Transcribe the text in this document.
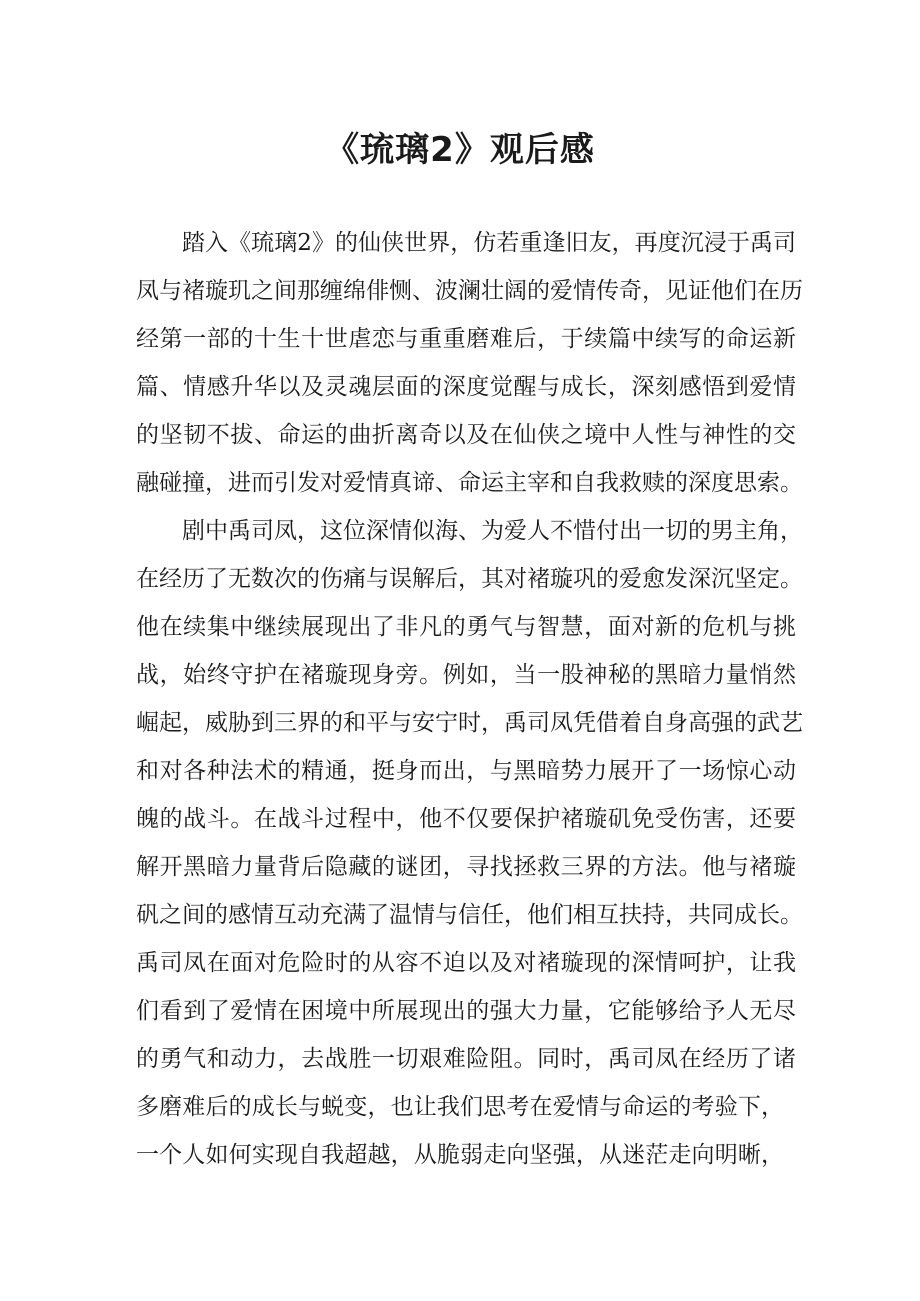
《琉璃2》观后感

踏入《琉璃2》的仙侠世界，仿若重逢旧友，再度沉浸于禹司

凤与褚璇玑之间那缠绵俳恻、波澜壮阔的爱情传奇，见证他们在历

经第一部的十生十世虐恋与重重磨难后，于续篇中续写的命运新

篇、情感升华以及灵魂层面的深度觉醒与成长，深刻感悟到爱情

的坚韧不拔、命运的曲折离奇以及在仙侠之境中人性与神性的交

融碰撞，进而引发对爱情真谛、命运主宰和自我救赎的深度思索。

剧中禹司凤，这位深情似海、为爱人不惜付出一切的男主角，

在经历了无数次的伤痛与误解后，其对褚璇巩的爱愈发深沉坚定。

他在续集中继续展现出了非凡的勇气与智慧，面对新的危机与挑

战，始终守护在褚璇现身旁。例如，当一股神秘的黑暗力量悄然

崛起，威胁到三界的和平与安宁时，禹司凤凭借着自身高强的武艺

和对各种法术的精通，挺身而出，与黑暗势力展开了一场惊心动

魄的战斗。在战斗过程中，他不仅要保护褚璇矶免受伤害，还要

解开黑暗力量背后隐藏的谜团，寻找拯救三界的方法。他与褚璇

矾之间的感情互动充满了温情与信任，他们相互扶持，共同成长。

禹司凤在面对危险时的从容不迫以及对褚璇现的深情呵护，让我

们看到了爱情在困境中所展现出的强大力量，它能够给予人无尽

的勇气和动力，去战胜一切艰难险阻。同时，禹司凤在经历了诸

多磨难后的成长与蜕变，也让我们思考在爱情与命运的考验下，

一个人如何实现自我超越，从脆弱走向坚强，从迷茫走向明晰，
